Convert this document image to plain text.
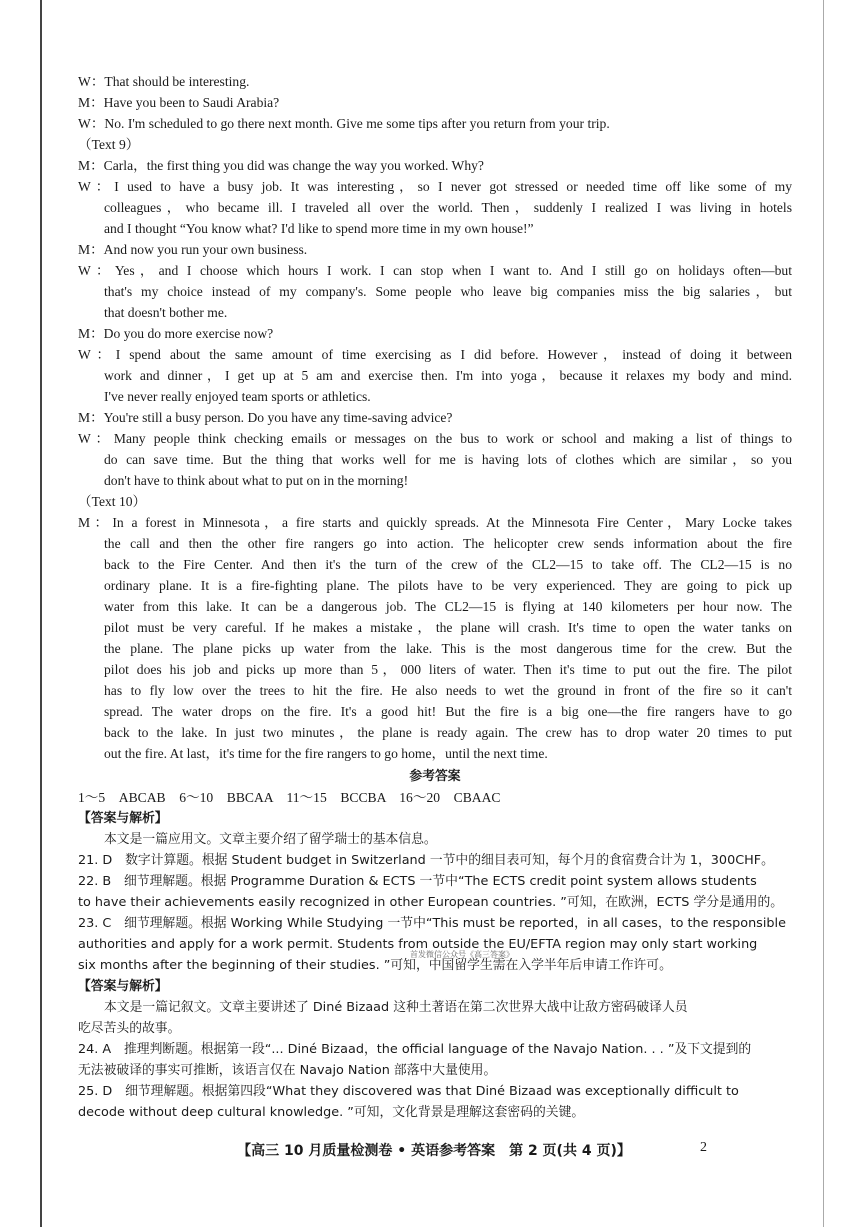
W：That should be interesting.
M：Have you been to Saudi Arabia?
W：No. I'm scheduled to go there next month. Give me some tips after you return from your trip.
（Text 9）
M：Carla，the first thing you did was change the way you worked. Why?
W：I used to have a busy job. It was interesting，so I never got stressed or needed time off like some of my
colleagues，who became ill. I traveled all over the world. Then，suddenly I realized I was living in hotels
and I thought “You know what? I'd like to spend more time in my own house!”
M：And now you run your own business.
W：Yes，and I choose which hours I work. I can stop when I want to. And I still go on holidays often—but
that's my choice instead of my company's. Some people who leave big companies miss the big salaries，but
that doesn't bother me.
M：Do you do more exercise now?
W：I spend about the same amount of time exercising as I did before. However，instead of doing it between
work and dinner，I get up at 5 am and exercise then. I'm into yoga，because it relaxes my body and mind.
I've never really enjoyed team sports or athletics.
M：You're still a busy person. Do you have any time-saving advice?
W：Many people think checking emails or messages on the bus to work or school and making a list of things to
do can save time. But the thing that works well for me is having lots of clothes which are similar，so you
don't have to think about what to put on in the morning!
（Text 10）
M：In a forest in Minnesota，a fire starts and quickly spreads. At the Minnesota Fire Center，Mary Locke takes
the call and then the other fire rangers go into action. The helicopter crew sends information about the fire
back to the Fire Center. And then it's the turn of the crew of the CL2—15 to take off. The CL2—15 is no
ordinary plane. It is a fire-fighting plane. The pilots have to be very experienced. They are going to pick up
water from this lake. It can be a dangerous job. The CL2—15 is flying at 140 kilometers per hour now. The
pilot must be very careful. If he makes a mistake，the plane will crash. It's time to open the water tanks on
the plane. The plane picks up water from the lake. This is the most dangerous time for the crew. But the
pilot does his job and picks up more than 5，000 liters of water. Then it's time to put out the fire. The pilot
has to fly low over the trees to hit the fire. He also needs to wet the ground in front of the fire so it can't
spread. The water drops on the fire. It's a good hit! But the fire is a big one—the fire rangers have to go
back to the lake. In just two minutes，the plane is ready again. The crew has to drop water 20 times to put
out the fire. At last，it's time for the fire rangers to go home，until the next time.
参考答案
1～5　ABCAB　6～10　BBCAA　11～15　BCCBA　16～20　CBAAC
【答案与解析】
本文是一篇应用文。文章主要介绍了留学瑞士的基本信息。
21. D　数字计算题。根据 Student budget in Switzerland 一节中的细目表可知，每个月的食宿费合计为 1，300CHF。
22. B　细节理解题。根据 Programme Duration & ECTS 一节中“The ECTS credit point system allows students
to have their achievements easily recognized in other European countries. ”可知，在欧洲，ECTS 学分是通用的。
23. C　细节理解题。根据 Working While Studying 一节中“This must be reported，in all cases，to the responsible
authorities and apply for a work permit. Students from outside the EU/EFTA region may only start working
six months after the beginning of their studies. ”可知，中国留学生需在入学半年后申请工作许可。
【答案与解析】
本文是一篇记叙文。文章主要讲述了 Diné Bizaad 这种土著语在第二次世界大战中让敌方密码破译人员
吃尽苦头的故事。
24. A　推理判断题。根据第一段“... Diné Bizaad，the official language of the Navajo Nation. . . ”及下文提到的
无法被破译的事实可推断，该语言仅在 Navajo Nation 部落中大量使用。
25. D　细节理解题。根据第四段“What they discovered was that Diné Bizaad was exceptionally difficult to
decode without deep cultural knowledge. ”可知，文化背景是理解这套密码的关键。
首发微信公众号《高三答案》
【高三 10 月质量检测卷 • 英语参考答案　第 2 页(共 4 页)】	2
